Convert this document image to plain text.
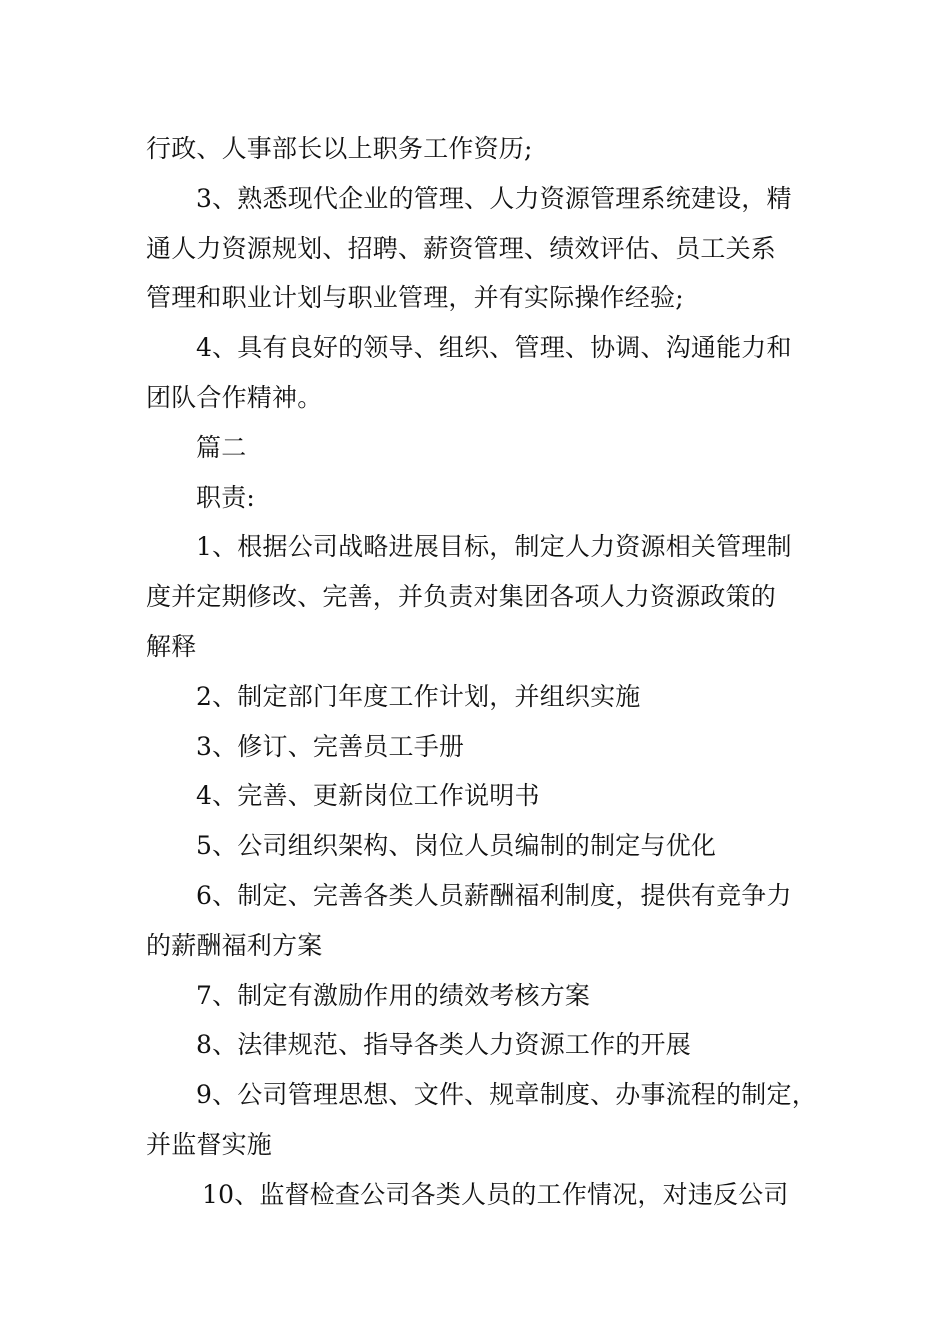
行政、人事部长以上职务工作资历;
3、熟悉现代企业的管理、人力资源管理系统建设，精
通人力资源规划、招聘、薪资管理、绩效评估、员工关系
管理和职业计划与职业管理，并有实际操作经验;
4、具有良好的领导、组织、管理、协调、沟通能力和
团队合作精神。
篇二
职责:
1、根据公司战略进展目标，制定人力资源相关管理制
度并定期修改、完善，并负责对集团各项人力资源政策的
解释
2、制定部门年度工作计划，并组织实施
3、修订、完善员工手册
4、完善、更新岗位工作说明书
5、公司组织架构、岗位人员编制的制定与优化
6、制定、完善各类人员薪酬福利制度，提供有竞争力
的薪酬福利方案
7、制定有激励作用的绩效考核方案
8、法律规范、指导各类人力资源工作的开展
9、公司管理思想、文件、规章制度、办事流程的制定，
并监督实施
10、监督检查公司各类人员的工作情况，对违反公司
